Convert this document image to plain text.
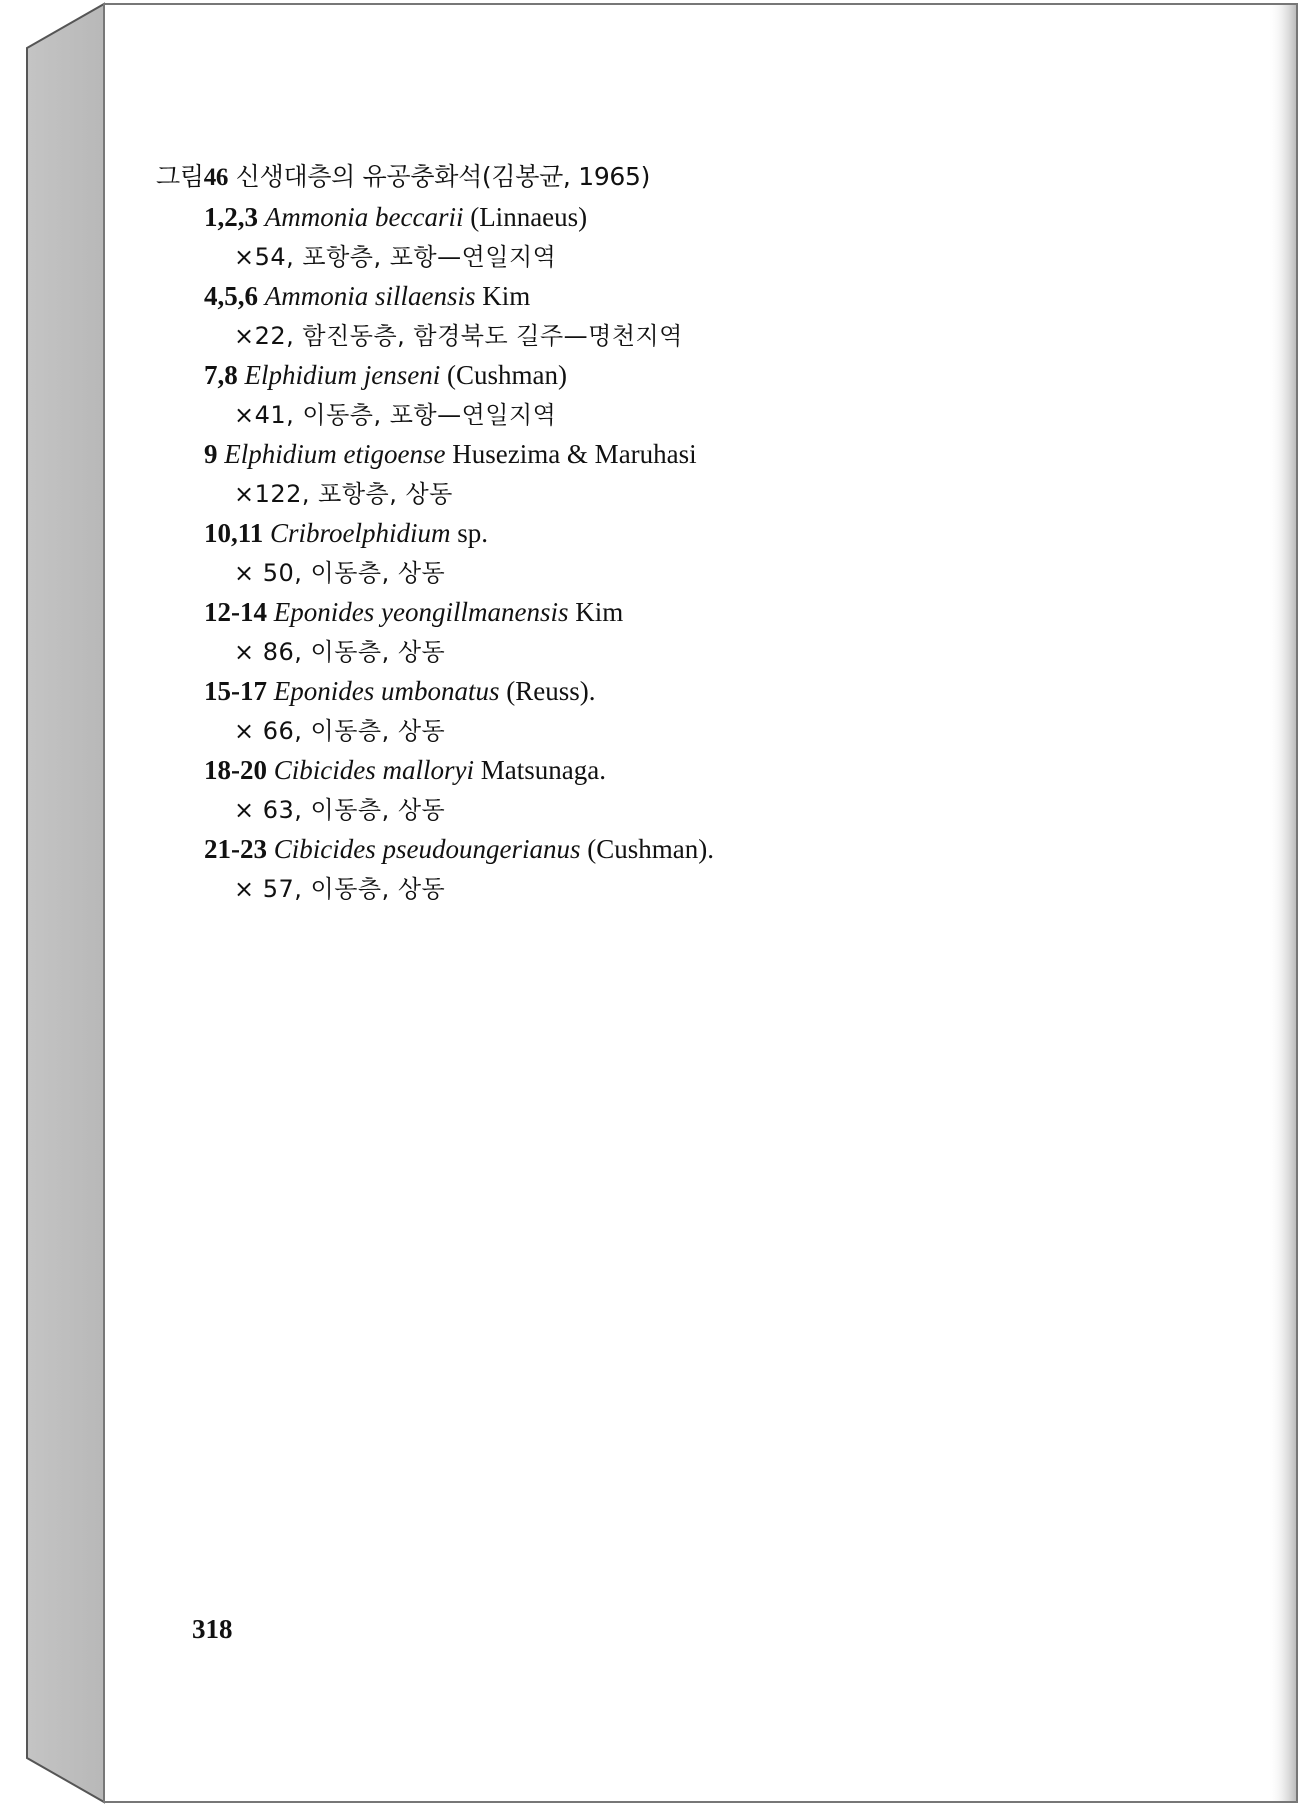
그림46 신생대층의 유공충화석(김봉균, 1965)
1,2,3 Ammonia beccarii (Linnaeus)
×54, 포항층, 포항—연일지역
4,5,6 Ammonia sillaensis Kim
×22, 함진동층, 함경북도 길주—명천지역
7,8 Elphidium jenseni (Cushman)
×41, 이동층, 포항—연일지역
9 Elphidium etigoense Husezima & Maruhasi
×122, 포항층, 상동
10,11 Cribroelphidium sp.
× 50, 이동층, 상동
12-14 Eponides yeongillmanensis Kim
× 86, 이동층, 상동
15-17 Eponides umbonatus (Reuss).
× 66, 이동층, 상동
18-20 Cibicides malloryi Matsunaga.
× 63, 이동층, 상동
21-23 Cibicides pseudoungerianus (Cushman).
× 57, 이동층, 상동
318
